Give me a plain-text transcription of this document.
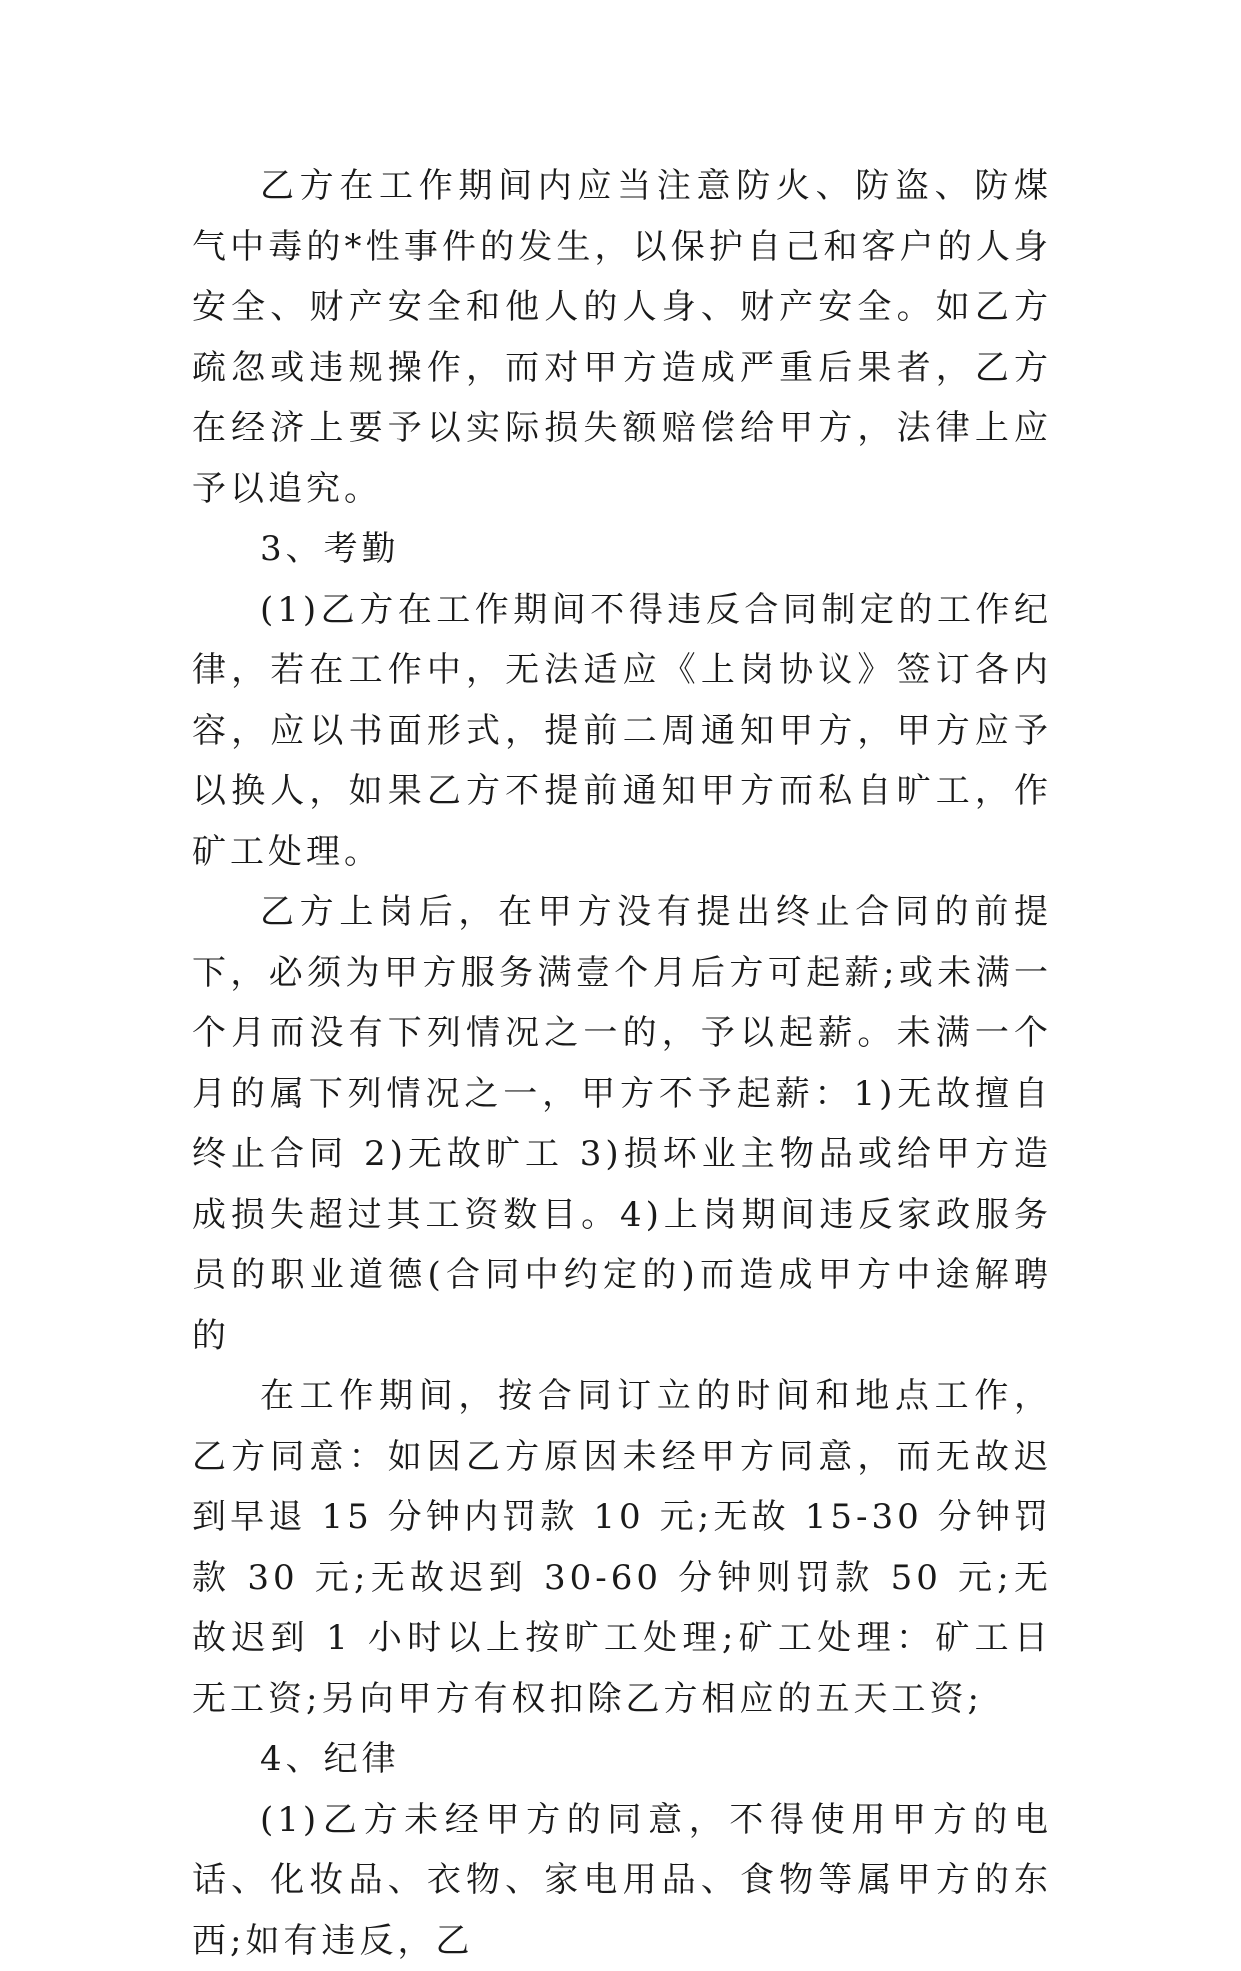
乙方在工作期间内应当注意防火、防盗、防煤气中毒的*性事件的发生，以保护自己和客户的人身安全、财产安全和他人的人身、财产安全。如乙方疏忽或违规操作，而对甲方造成严重后果者，乙方在经济上要予以实际损失额赔偿给甲方，法律上应予以追究。

3、考勤

(1)乙方在工作期间不得违反合同制定的工作纪律，若在工作中，无法适应《上岗协议》签订各内容，应以书面形式，提前二周通知甲方，甲方应予以换人，如果乙方不提前通知甲方而私自旷工，作矿工处理。

乙方上岗后，在甲方没有提出终止合同的前提下，必须为甲方服务满壹个月后方可起薪;或未满一个月而没有下列情况之一的，予以起薪。未满一个月的属下列情况之一，甲方不予起薪：1)无故擅自终止合同 2)无故旷工 3)损坏业主物品或给甲方造成损失超过其工资数目。4)上岗期间违反家政服务员的职业道德(合同中约定的)而造成甲方中途解聘的

在工作期间，按合同订立的时间和地点工作，乙方同意：如因乙方原因未经甲方同意，而无故迟到早退 15 分钟内罚款 10 元;无故 15-30 分钟罚款 30 元;无故迟到 30-60 分钟则罚款 50 元;无故迟到 1 小时以上按旷工处理;矿工处理：矿工日无工资;另向甲方有权扣除乙方相应的五天工资;

4、纪律

(1)乙方未经甲方的同意，不得使用甲方的电话、化妆品、衣物、家电用品、食物等属甲方的东西;如有违反，乙
